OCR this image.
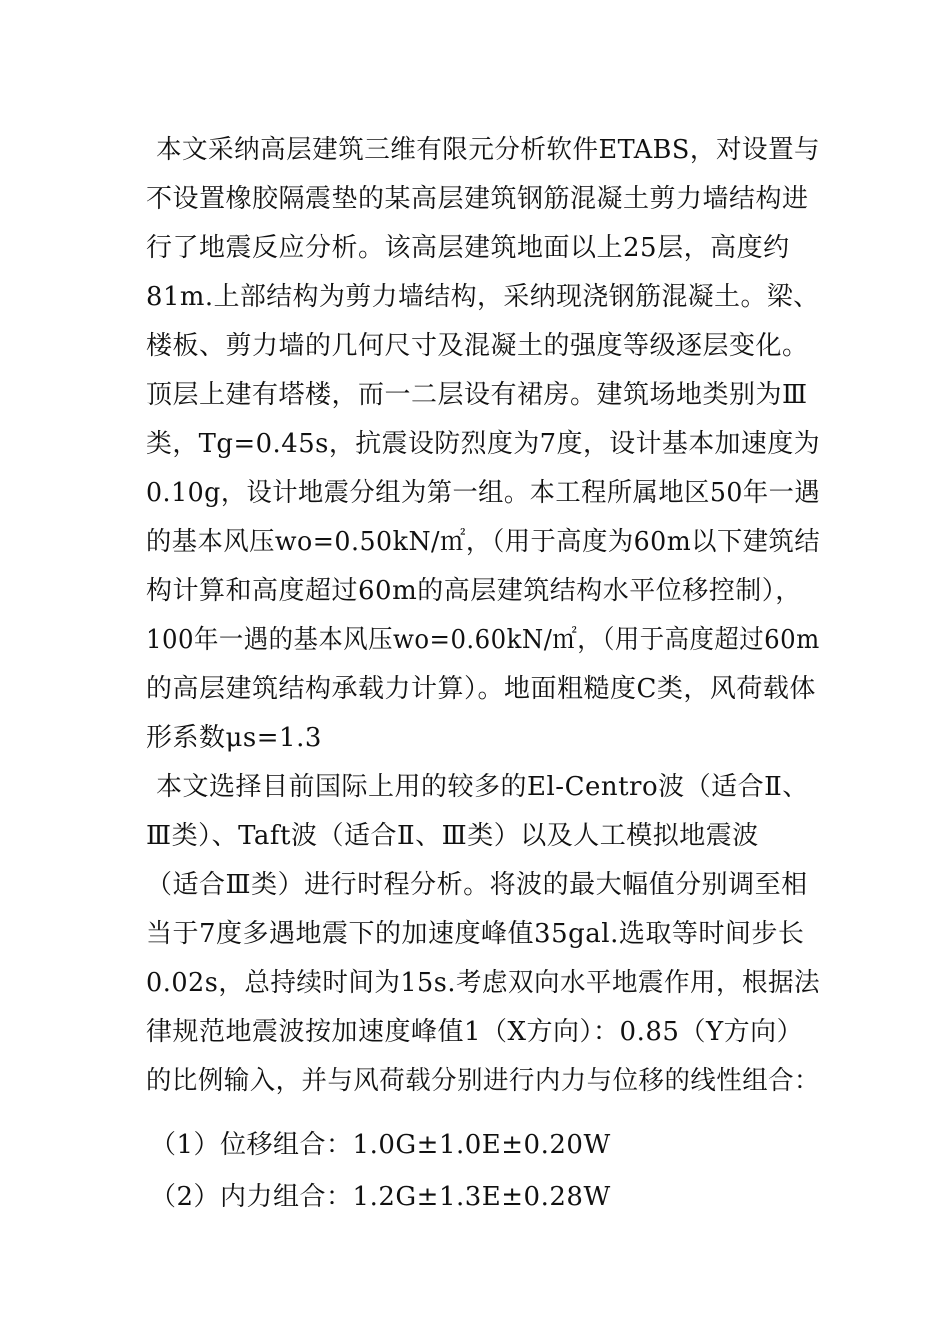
本文采纳高层建筑三维有限元分析软件ETABS，对设置与
不设置橡胶隔震垫的某高层建筑钢筋混凝土剪力墙结构进
行了地震反应分析。该高层建筑地面以上25层，高度约
81m.上部结构为剪力墙结构，采纳现浇钢筋混凝土。梁、
楼板、剪力墙的几何尺寸及混凝土的强度等级逐层变化。
顶层上建有塔楼，而一二层设有裙房。建筑场地类别为Ⅲ
类，Tg=0.45s，抗震设防烈度为7度，设计基本加速度为
0.10g，设计地震分组为第一组。本工程所属地区50年一遇
的基本风压wo=0.50kN/㎡，（用于高度为60m以下建筑结
构计算和高度超过60m的高层建筑结构水平位移控制），
100年一遇的基本风压wo=0.60kN/㎡，（用于高度超过60m
的高层建筑结构承载力计算）。地面粗糙度C类，风荷载体
形系数μs=1.3
本文选择目前国际上用的较多的El-Centro波（适合Ⅱ、
Ⅲ类）、Taft波（适合Ⅱ、Ⅲ类）以及人工模拟地震波
（适合Ⅲ类）进行时程分析。将波的最大幅值分别调至相
当于7度多遇地震下的加速度峰值35gal.选取等时间步长
0.02s，总持续时间为15s.考虑双向水平地震作用，根据法
律规范地震波按加速度峰值1（X方向）：0.85（Y方向）
的比例输入，并与风荷载分别进行内力与位移的线性组合：
（1）位移组合：1.0G±1.0E±0.20W
（2）内力组合：1.2G±1.3E±0.28W
